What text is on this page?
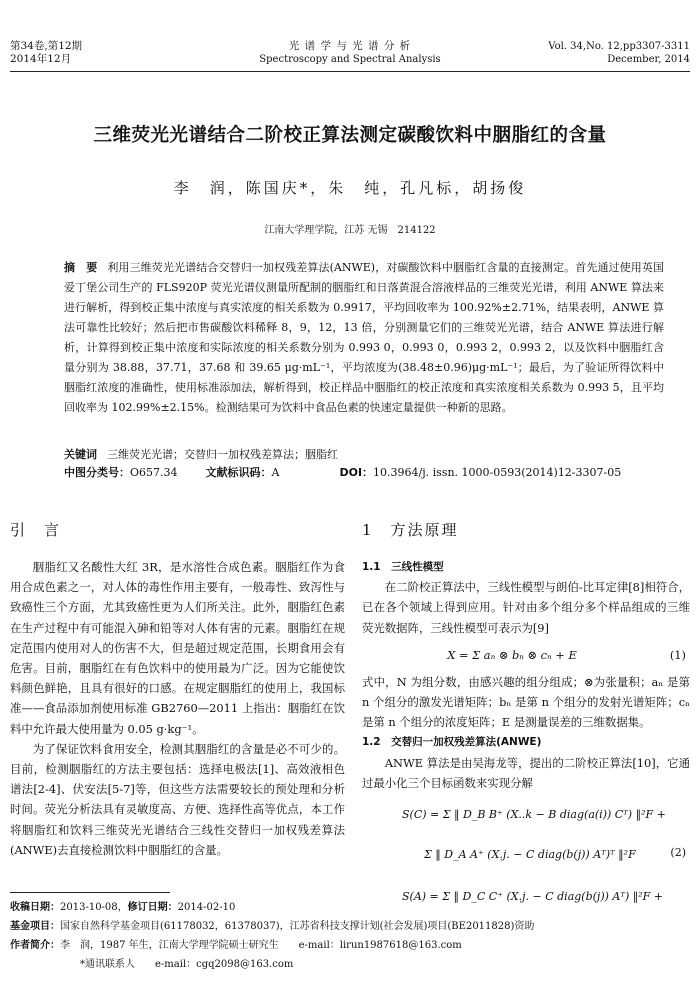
第34卷,第12期
2014年12月
光 谱 学 与 光 谱 分 析
Spectroscopy and Spectral Analysis
Vol. 34,No. 12,pp3307-3311
December, 2014
三维荧光光谱结合二阶校正算法测定碳酸饮料中胭脂红的含量
李　润，陈国庆*，朱　纯，孔凡标，胡扬俊
江南大学理学院，江苏 无锡　214122
摘　要 利用三维荧光光谱结合交替归一加权残差算法(ANWE)，对碳酸饮料中胭脂红含量的直接测定。首先通过使用英国爱丁堡公司生产的 FLS920P 荧光光谱仪测量所配制的胭脂红和日落黄混合溶液样品的三维荧光光谱，利用 ANWE 算法来进行解析，得到校正集中浓度与真实浓度的相关系数为 0.9917，平均回收率为 100.92%±2.71%，结果表明，ANWE 算法可靠性比较好；然后把市售碳酸饮料稀释 8，9，12，13 倍，分别测量它们的三维荧光光谱，结合 ANWE 算法进行解析，计算得到校正集中浓度和实际浓度的相关系数分别为 0.993 0，0.993 0，0.993 2，0.993 2，以及饮料中胭脂红含量分别为 38.88，37.71，37.68 和 39.65 μg·mL⁻¹，平均浓度为(38.48±0.96)μg·mL⁻¹；最后，为了验证所得饮料中胭脂红浓度的准确性，使用标准添加法，解析得到，校正样品中胭脂红的校正浓度和真实浓度相关系数为 0.993 5，且平均回收率为 102.99%±2.15%。检测结果可为饮料中食品色素的快速定量提供一种新的思路。
关键词 三维荧光光谱；交替归一加权残差算法；胭脂红
中图分类号：O657.34	文献标识码：A	DOI：10.3964/j. issn. 1000-0593(2014)12-3307-05
引　言	1　方法原理

胭脂红又名酸性大红 3R，是水溶性合成色素。胭脂红作为食用合成色素之一，对人体的毒性作用主要有，一般毒性、致泻性与致癌性三个方面，尤其致癌性更为人们所关注。此外，胭脂红色素在生产过程中有可能混入砷和铅等对人体有害的元素。胭脂红在规定范围内使用对人的伤害不大，但是超过规定范围，长期食用会有危害。目前，胭脂红在有色饮料中的使用最为广泛。因为它能使饮料颜色鲜艳，且具有很好的口感。在规定胭脂红的使用上，我国标准——食品添加剂使用标准 GB2760—2011 上指出：胭脂红在饮料中允许最大使用量为 0.05 g·kg⁻¹。

为了保证饮料食用安全，检测其胭脂红的含量是必不可少的。目前，检测胭脂红的方法主要包括：选择电极法[1]、高效液相色谱法[2-4]、伏安法[5-7]等，但这些方法需要较长的预处理和分析时间。荧光分析法具有灵敏度高、方便、选择性高等优点，本工作将胭脂红和饮料三维荧光光谱结合三线性交替归一加权残差算法(ANWE)去直接检测饮料中胭脂红的含量。

1.1　三线性模型

在二阶校正算法中，三线性模型与朗伯-比耳定律[8]相符合，已在各个领域上得到应用。针对由多个组分多个样品组成的三维荧光数据阵，三线性模型可表示为[9]

X = Σ aₙ ⊗ bₙ ⊗ cₙ + E	(1)

式中，N 为组分数，由感兴趣的组分组成；⊗为张量积；aₙ 是第 n 个组分的激发光谱矩阵；bₙ 是第 n 个组分的发射光谱矩阵；cₙ 是第 n 个组分的浓度矩阵；E 是测量误差的三维数据集。

1.2　交替归一加权残差算法(ANWE)

ANWE 算法是由吴海龙等，提出的二阶校正算法[10]，它通过最小化三个目标函数来实现分解

S(C) = Σ ‖ D_B B⁺ (X..k − B diag(a(i)) Cᵀ) ‖²F +
Σ ‖ D_A A⁺ (X.j. − C diag(b(j)) Aᵀ)ᵀ ‖²F	(2)
S(A) = Σ ‖ D_C C⁺ (X.j. − C diag(b(j)) Aᵀ) ‖²F +
收稿日期：2013-10-08，修订日期：2014-02-10
基金项目：国家自然科学基金项目(61178032，61378037)，江苏省科技支撑计划(社会发展)项目(BE2011828)资助
作者简介：李　润，1987 年生，江南大学理学院硕士研究生　　e-mail：lirun1987618@163.com
*通讯联系人　　e-mail：cgq2098@163.com
